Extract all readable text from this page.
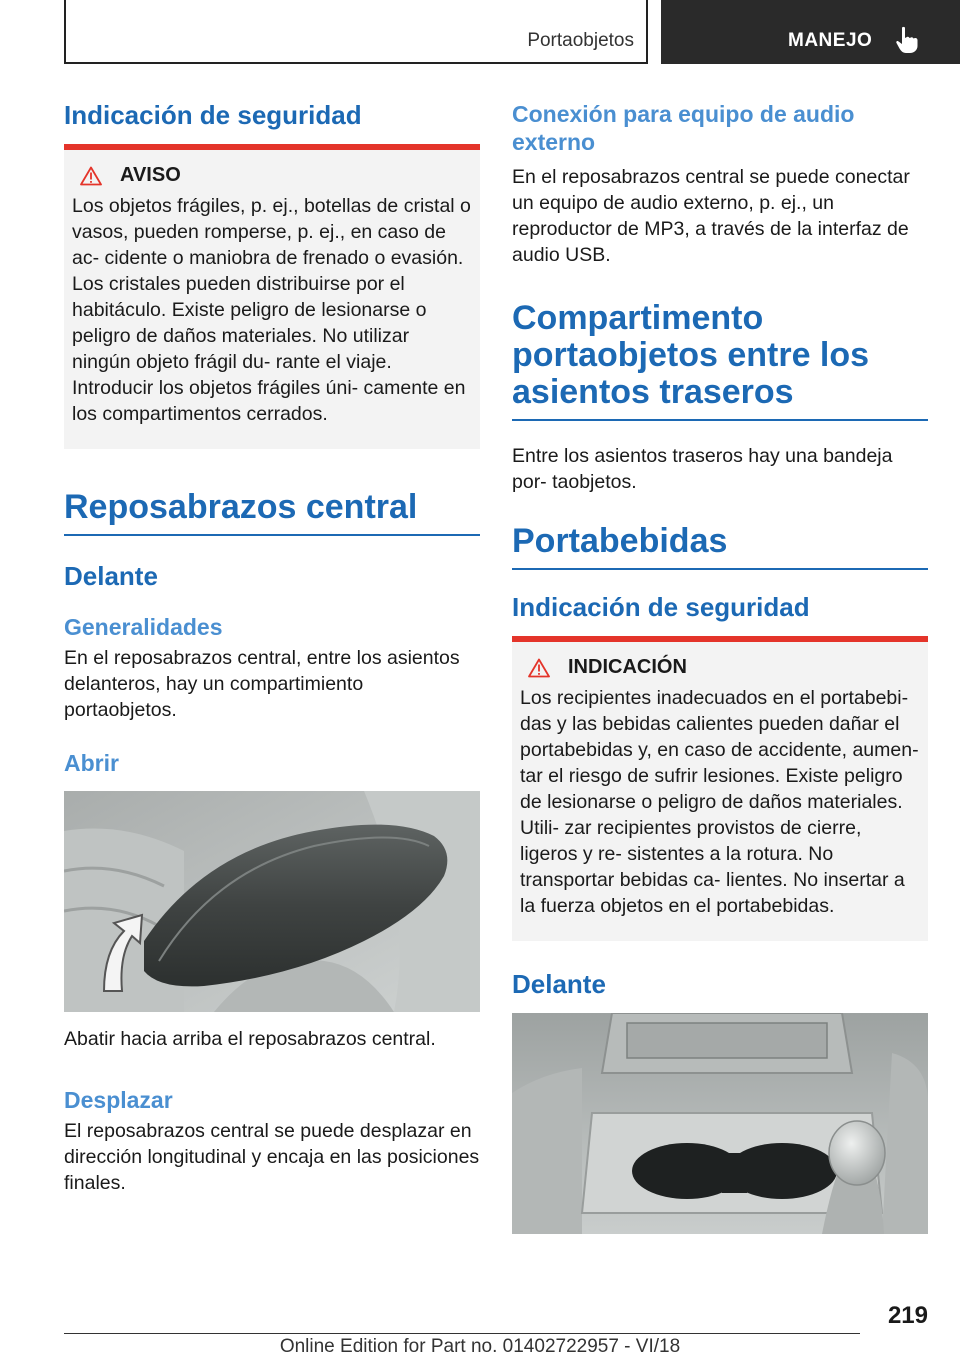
Portaobjetos	MANEJO
Indicación de seguridad
AVISO

Los objetos frágiles, p. ej., botellas de cristal o vasos, pueden romperse, p. ej., en caso de ac- cidente o maniobra de frenado o evasión. Los cristales pueden distribuirse por el habitáculo. Existe peligro de lesionarse o peligro de daños materiales. No utilizar ningún objeto frágil du- rante el viaje. Introducir los objetos frágiles úni- camente en los compartimentos cerrados.

Reposabrazos central
Delante
Generalidades

En el reposabrazos central, entre los asientos delanteros, hay un compartimiento portaobjetos.

Abrir

Abatir hacia arriba el reposabrazos central.

Desplazar

El reposabrazos central se puede desplazar en dirección longitudinal y encaja en las posiciones finales.

Conexión para equipo de audio externo

En el reposabrazos central se puede conectar un equipo de audio externo, p. ej., un reproductor de MP3, a través de la interfaz de audio USB.

Compartimento portaobjetos entre los asientos traseros

Entre los asientos traseros hay una bandeja por- taobjetos.

Portabebidas
Indicación de seguridad
INDICACIÓN

Los recipientes inadecuados en el portabebi- das y las bebidas calientes pueden dañar el portabebidas y, en caso de accidente, aumen- tar el riesgo de sufrir lesiones. Existe peligro de lesionarse o peligro de daños materiales. Utili- zar recipientes provistos de cierre, ligeros y re- sistentes a la rotura. No transportar bebidas ca- lientes. No insertar a la fuerza objetos en el portabebidas.

Delante
219
Online Edition for Part no. 01402722957 - VI/18
